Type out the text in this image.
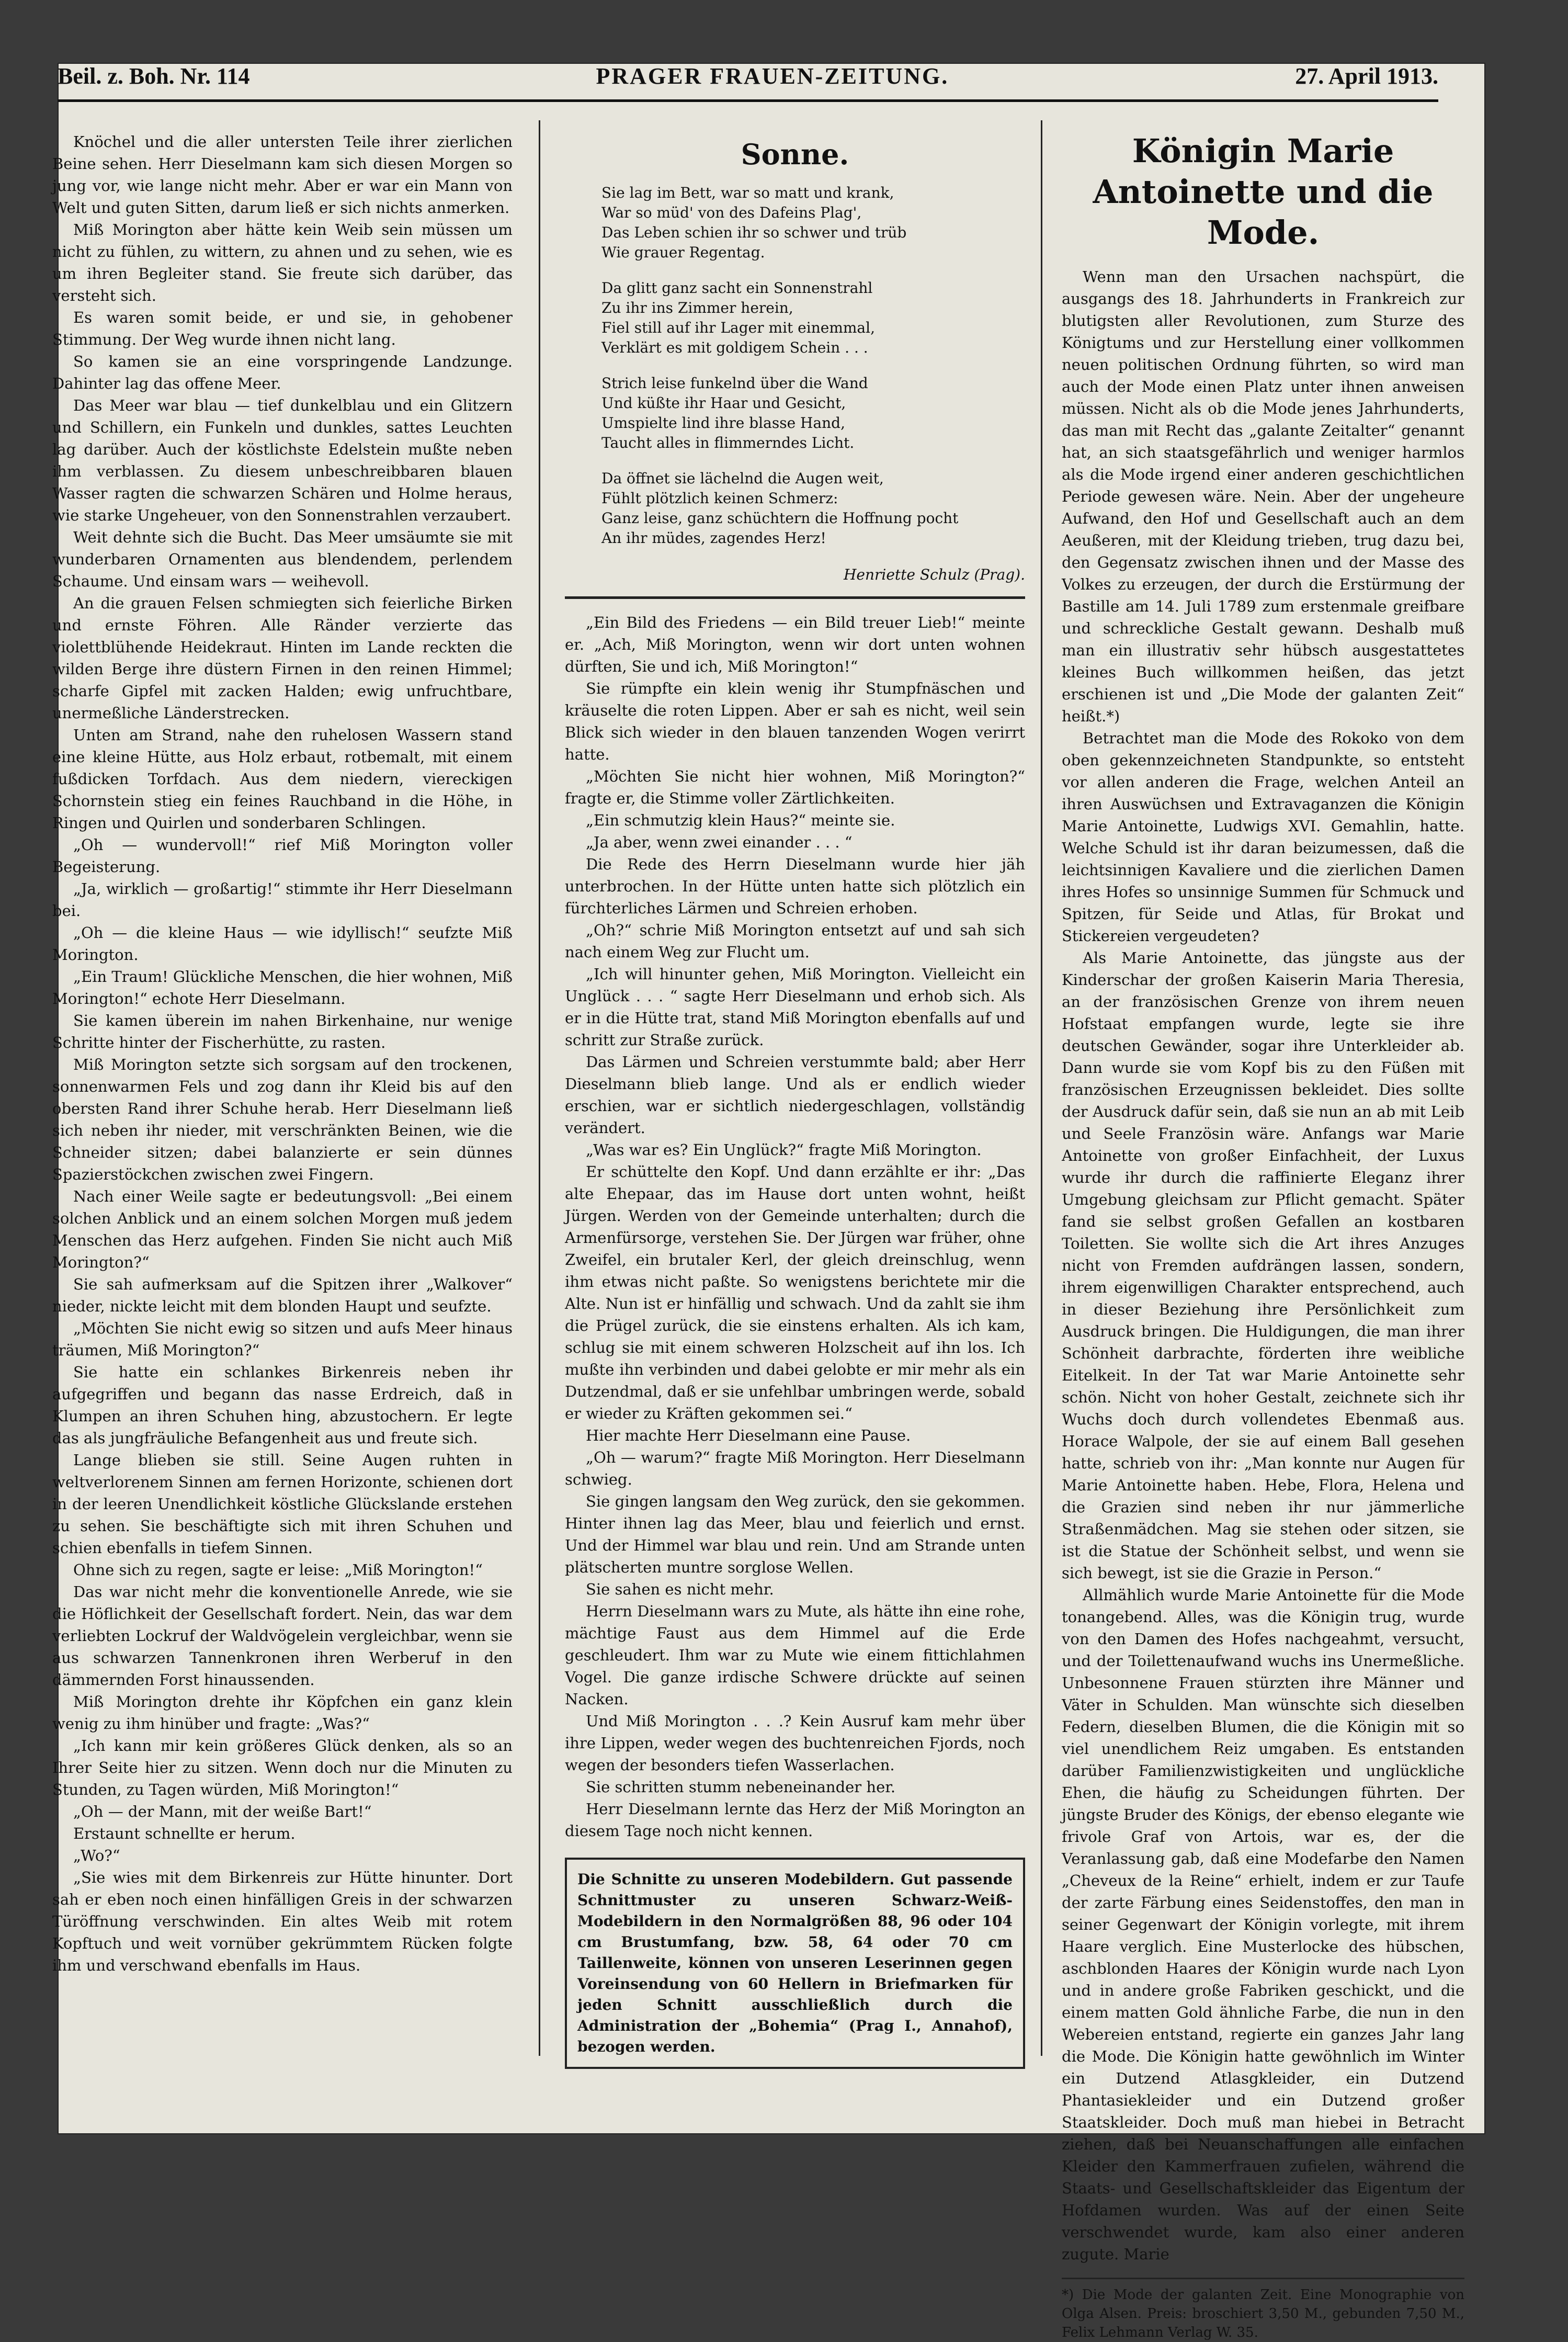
Beil. z. Boh. Nr. 114	PRAGER FRAUEN-ZEITUNG.	27. April 1913.

Knöchel und die aller untersten Teile ihrer zierlichen Beine sehen. Herr Dieselmann kam sich diesen Morgen so jung vor, wie lange nicht mehr. Aber er war ein Mann von Welt und guten Sitten, darum ließ er sich nichts anmerken.

Miß Morington aber hätte kein Weib sein müssen um nicht zu fühlen, zu wittern, zu ahnen und zu sehen, wie es um ihren Begleiter stand. Sie freute sich darüber, das versteht sich.

Es waren somit beide, er und sie, in gehobener Stimmung. Der Weg wurde ihnen nicht lang.

So kamen sie an eine vorspringende Landzunge. Dahinter lag das offene Meer.

Das Meer war blau — tief dunkelblau und ein Glitzern und Schillern, ein Funkeln und dunkles, sattes Leuchten lag darüber. Auch der köstlichste Edelstein mußte neben ihm verblassen. Zu diesem unbeschreibbaren blauen Wasser ragten die schwarzen Schären und Holme heraus, wie starke Ungeheuer, von den Sonnenstrahlen verzaubert.

Weit dehnte sich die Bucht. Das Meer umsäumte sie mit wunderbaren Ornamenten aus blendendem, perlendem Schaume. Und einsam wars — weihevoll.

An die grauen Felsen schmiegten sich feierliche Birken und ernste Föhren. Alle Ränder verzierte das violettblühende Heidekraut. Hinten im Lande reckten die wilden Berge ihre düstern Firnen in den reinen Himmel; scharfe Gipfel mit zacken Halden; ewig unfruchtbare, unermeßliche Länderstrecken.

Unten am Strand, nahe den ruhelosen Wassern stand eine kleine Hütte, aus Holz erbaut, rotbemalt, mit einem fußdicken Torfdach. Aus dem niedern, viereckigen Schornstein stieg ein feines Rauchband in die Höhe, in Ringen und Quirlen und sonderbaren Schlingen.

„Oh — wundervoll!“ rief Miß Morington voller Begeisterung.

„Ja, wirklich — großartig!“ stimmte ihr Herr Dieselmann bei.

„Oh — die kleine Haus — wie idyllisch!“ seufzte Miß Morington.

„Ein Traum! Glückliche Menschen, die hier wohnen, Miß Morington!“ echote Herr Dieselmann.

Sie kamen überein im nahen Birkenhaine, nur wenige Schritte hinter der Fischerhütte, zu rasten.

Miß Morington setzte sich sorgsam auf den trockenen, sonnenwarmen Fels und zog dann ihr Kleid bis auf den obersten Rand ihrer Schuhe herab. Herr Dieselmann ließ sich neben ihr nieder, mit verschränkten Beinen, wie die Schneider sitzen; dabei balanzierte er sein dünnes Spazierstöckchen zwischen zwei Fingern.

Nach einer Weile sagte er bedeutungsvoll: „Bei einem solchen Anblick und an einem solchen Morgen muß jedem Menschen das Herz aufgehen. Finden Sie nicht auch Miß Morington?“

Sie sah aufmerksam auf die Spitzen ihrer „Walkover“ nieder, nickte leicht mit dem blonden Haupt und seufzte.

„Möchten Sie nicht ewig so sitzen und aufs Meer hinaus träumen, Miß Morington?“

Sie hatte ein schlankes Birkenreis neben ihr aufgegriffen und begann das nasse Erdreich, daß in Klumpen an ihren Schuhen hing, abzustochern. Er legte das als jungfräuliche Befangenheit aus und freute sich.

Lange blieben sie still. Seine Augen ruhten in weltverlorenem Sinnen am fernen Horizonte, schienen dort in der leeren Unendlichkeit köstliche Glückslande erstehen zu sehen. Sie beschäftigte sich mit ihren Schuhen und schien ebenfalls in tiefem Sinnen.

Ohne sich zu regen, sagte er leise: „Miß Morington!“

Das war nicht mehr die konventionelle Anrede, wie sie die Höflichkeit der Gesellschaft fordert. Nein, das war dem verliebten Lockruf der Waldvögelein vergleichbar, wenn sie aus schwarzen Tannenkronen ihren Werberuf in den dämmernden Forst hinaussenden.

Miß Morington drehte ihr Köpfchen ein ganz klein wenig zu ihm hinüber und fragte: „Was?“

„Ich kann mir kein größeres Glück denken, als so an Ihrer Seite hier zu sitzen. Wenn doch nur die Minuten zu Stunden, zu Tagen würden, Miß Morington!“

„Oh — der Mann, mit der weiße Bart!“

Erstaunt schnellte er herum.

„Wo?“

„Sie wies mit dem Birkenreis zur Hütte hinunter. Dort sah er eben noch einen hinfälligen Greis in der schwarzen Türöffnung verschwinden. Ein altes Weib mit rotem Kopftuch und weit vornüber gekrümmtem Rücken folgte ihm und verschwand ebenfalls im Haus.

Sonne.
Sie lag im Bett, war so matt und krank,
War so müd' von des Dafeins Plag',
Das Leben schien ihr so schwer und trüb
Wie grauer Regentag.
Da glitt ganz sacht ein Sonnenstrahl
Zu ihr ins Zimmer herein,
Fiel still auf ihr Lager mit einemmal,
Verklärt es mit goldigem Schein . . .
Strich leise funkelnd über die Wand
Und küßte ihr Haar und Gesicht,
Umspielte lind ihre blasse Hand,
Taucht alles in flimmerndes Licht.
Da öffnet sie lächelnd die Augen weit,
Fühlt plötzlich keinen Schmerz:
Ganz leise, ganz schüchtern die Hoffnung pocht
An ihr müdes, zagendes Herz!
Henriette Schulz (Prag).

„Ein Bild des Friedens — ein Bild treuer Lieb!“ meinte er. „Ach, Miß Morington, wenn wir dort unten wohnen dürften, Sie und ich, Miß Morington!“

Sie rümpfte ein klein wenig ihr Stumpfnäschen und kräuselte die roten Lippen. Aber er sah es nicht, weil sein Blick sich wieder in den blauen tanzenden Wogen verirrt hatte.

„Möchten Sie nicht hier wohnen, Miß Morington?“ fragte er, die Stimme voller Zärtlichkeiten.

„Ein schmutzig klein Haus?“ meinte sie.

„Ja aber, wenn zwei einander . . . “

Die Rede des Herrn Dieselmann wurde hier jäh unterbrochen. In der Hütte unten hatte sich plötzlich ein fürchterliches Lärmen und Schreien erhoben.

„Oh?“ schrie Miß Morington entsetzt auf und sah sich nach einem Weg zur Flucht um.

„Ich will hinunter gehen, Miß Morington. Vielleicht ein Unglück . . . “ sagte Herr Dieselmann und erhob sich. Als er in die Hütte trat, stand Miß Morington ebenfalls auf und schritt zur Straße zurück.

Das Lärmen und Schreien verstummte bald; aber Herr Dieselmann blieb lange. Und als er endlich wieder erschien, war er sichtlich niedergeschlagen, vollständig verändert.

„Was war es? Ein Unglück?“ fragte Miß Morington.

Er schüttelte den Kopf. Und dann erzählte er ihr: „Das alte Ehepaar, das im Hause dort unten wohnt, heißt Jürgen. Werden von der Gemeinde unterhalten; durch die Armenfürsorge, verstehen Sie. Der Jürgen war früher, ohne Zweifel, ein brutaler Kerl, der gleich dreinschlug, wenn ihm etwas nicht paßte. So wenigstens berichtete mir die Alte. Nun ist er hinfällig und schwach. Und da zahlt sie ihm die Prügel zurück, die sie einstens erhalten. Als ich kam, schlug sie mit einem schweren Holzscheit auf ihn los. Ich mußte ihn verbinden und dabei gelobte er mir mehr als ein Dutzendmal, daß er sie unfehlbar umbringen werde, sobald er wieder zu Kräften gekommen sei.“

Hier machte Herr Dieselmann eine Pause.

„Oh — warum?“ fragte Miß Morington. Herr Dieselmann schwieg.

Sie gingen langsam den Weg zurück, den sie gekommen. Hinter ihnen lag das Meer, blau und feierlich und ernst. Und der Himmel war blau und rein. Und am Strande unten plätscherten muntre sorglose Wellen.

Sie sahen es nicht mehr.

Herrn Dieselmann wars zu Mute, als hätte ihn eine rohe, mächtige Faust aus dem Himmel auf die Erde geschleudert. Ihm war zu Mute wie einem fittichlahmen Vogel. Die ganze irdische Schwere drückte auf seinen Nacken.

Und Miß Morington . . .? Kein Ausruf kam mehr über ihre Lippen, weder wegen des buchtenreichen Fjords, noch wegen der besonders tiefen Wasserlachen.

Sie schritten stumm nebeneinander her.

Herr Dieselmann lernte das Herz der Miß Morington an diesem Tage noch nicht kennen.

Die Schnitte zu unseren Modebildern. Gut passende Schnittmuster zu unseren Schwarz-Weiß-Modebildern in den Normalgrößen 88, 96 oder 104 cm Brustumfang, bzw. 58, 64 oder 70 cm Taillenweite, können von unseren Leserinnen gegen Voreinsendung von 60 Hellern in Briefmarken für jeden Schnitt ausschließlich durch die Administration der „Bohemia“ (Prag I., Annahof), bezogen werden.
Königin Marie Antoinette und die Mode.

Wenn man den Ursachen nachspürt, die ausgangs des 18. Jahrhunderts in Frankreich zur blutigsten aller Revolutionen, zum Sturze des Königtums und zur Herstellung einer vollkommen neuen politischen Ordnung führten, so wird man auch der Mode einen Platz unter ihnen anweisen müssen. Nicht als ob die Mode jenes Jahrhunderts, das man mit Recht das „galante Zeitalter“ genannt hat, an sich staatsgefährlich und weniger harmlos als die Mode irgend einer anderen geschichtlichen Periode gewesen wäre. Nein. Aber der ungeheure Aufwand, den Hof und Gesellschaft auch an dem Aeußeren, mit der Kleidung trieben, trug dazu bei, den Gegensatz zwischen ihnen und der Masse des Volkes zu erzeugen, der durch die Erstürmung der Bastille am 14. Juli 1789 zum erstenmale greifbare und schreckliche Gestalt gewann. Deshalb muß man ein illustrativ sehr hübsch ausgestattetes kleines Buch willkommen heißen, das jetzt erschienen ist und „Die Mode der galanten Zeit“ heißt.*)

Betrachtet man die Mode des Rokoko von dem oben gekennzeichneten Standpunkte, so entsteht vor allen anderen die Frage, welchen Anteil an ihren Auswüchsen und Extravaganzen die Königin Marie Antoinette, Ludwigs XVI. Gemahlin, hatte. Welche Schuld ist ihr daran beizumessen, daß die leichtsinnigen Kavaliere und die zierlichen Damen ihres Hofes so unsinnige Summen für Schmuck und Spitzen, für Seide und Atlas, für Brokat und Stickereien vergeudeten?

Als Marie Antoinette, das jüngste aus der Kinderschar der großen Kaiserin Maria Theresia, an der französischen Grenze von ihrem neuen Hofstaat empfangen wurde, legte sie ihre deutschen Gewänder, sogar ihre Unterkleider ab. Dann wurde sie vom Kopf bis zu den Füßen mit französischen Erzeugnissen bekleidet. Dies sollte der Ausdruck dafür sein, daß sie nun an ab mit Leib und Seele Französin wäre. Anfangs war Marie Antoinette von großer Einfachheit, der Luxus wurde ihr durch die raffinierte Eleganz ihrer Umgebung gleichsam zur Pflicht gemacht. Später fand sie selbst großen Gefallen an kostbaren Toiletten. Sie wollte sich die Art ihres Anzuges nicht von Fremden aufdrängen lassen, sondern, ihrem eigenwilligen Charakter entsprechend, auch in dieser Beziehung ihre Persönlichkeit zum Ausdruck bringen. Die Huldigungen, die man ihrer Schönheit darbrachte, förderten ihre weibliche Eitelkeit. In der Tat war Marie Antoinette sehr schön. Nicht von hoher Gestalt, zeichnete sich ihr Wuchs doch durch vollendetes Ebenmaß aus. Horace Walpole, der sie auf einem Ball gesehen hatte, schrieb von ihr: „Man konnte nur Augen für Marie Antoinette haben. Hebe, Flora, Helena und die Grazien sind neben ihr nur jämmerliche Straßenmädchen. Mag sie stehen oder sitzen, sie ist die Statue der Schönheit selbst, und wenn sie sich bewegt, ist sie die Grazie in Person.“

Allmählich wurde Marie Antoinette für die Mode tonangebend. Alles, was die Königin trug, wurde von den Damen des Hofes nachgeahmt, versucht, und der Toilettenaufwand wuchs ins Unermeßliche. Unbesonnene Frauen stürzten ihre Männer und Väter in Schulden. Man wünschte sich dieselben Federn, dieselben Blumen, die die Königin mit so viel unendlichem Reiz umgaben. Es entstanden darüber Familienzwistigkeiten und unglückliche Ehen, die häufig zu Scheidungen führten. Der jüngste Bruder des Königs, der ebenso elegante wie frivole Graf von Artois, war es, der die Veranlassung gab, daß eine Modefarbe den Namen „Cheveux de la Reine“ erhielt, indem er zur Taufe der zarte Färbung eines Seidenstoffes, den man in seiner Gegenwart der Königin vorlegte, mit ihrem Haare verglich. Eine Musterlocke des hübschen, aschblonden Haares der Königin wurde nach Lyon und in andere große Fabriken geschickt, und die einem matten Gold ähnliche Farbe, die nun in den Webereien entstand, regierte ein ganzes Jahr lang die Mode. Die Königin hatte gewöhnlich im Winter ein Dutzend Atlasgkleider, ein Dutzend Phantasiekleider und ein Dutzend großer Staatskleider. Doch muß man hiebei in Betracht ziehen, daß bei Neuanschaffungen alle einfachen Kleider den Kammerfrauen zufielen, während die Staats- und Gesellschaftskleider das Eigentum der Hofdamen wurden. Was auf der einen Seite verschwendet wurde, kam also einer anderen zugute. Marie

*) Die Mode der galanten Zeit. Eine Monographie von Olga Alsen. Preis: broschiert 3,50 M., gebunden 7,50 M., Felix Lehmann Verlag W. 35.
